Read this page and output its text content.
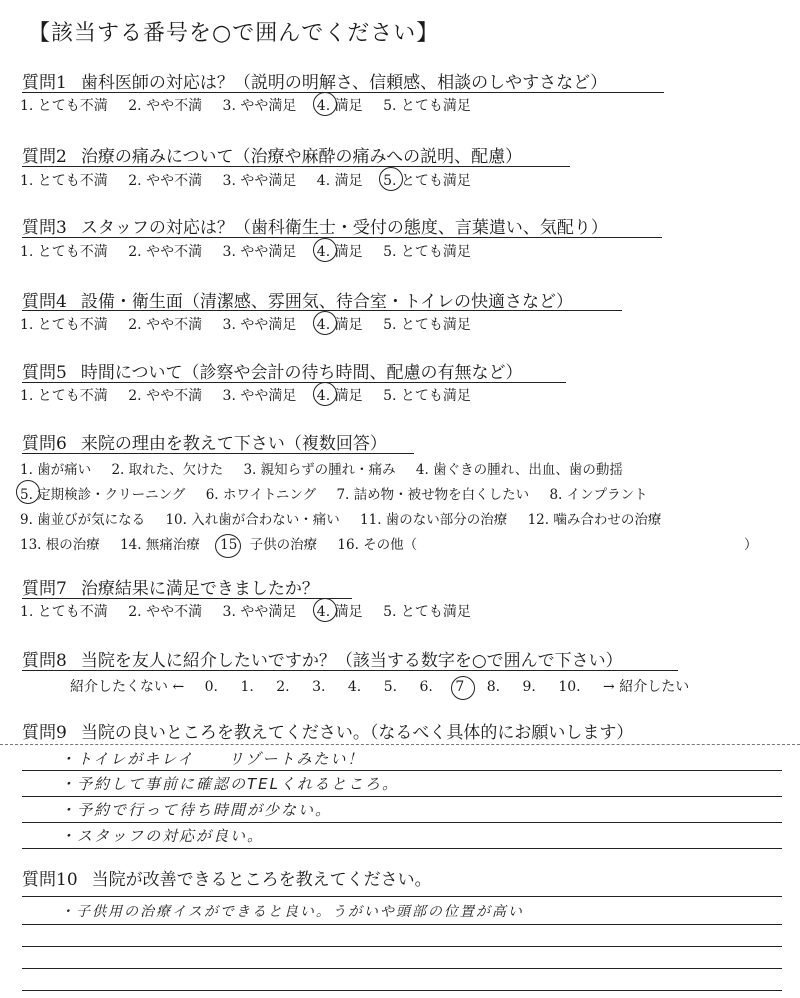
【該当する番号を○で囲んでください】
質問1 歯科医師の対応は？（説明の明解さ、信頼感、相談のしやすさなど）
1. とても不満 2. やや不満 3. やや満足 4. 満足 5. とても満足
質問2 治療の痛みについて（治療や麻酔の痛みへの説明、配慮）
1. とても不満 2. やや不満 3. やや満足 4. 満足 5. とても満足
質問3 スタッフの対応は？（歯科衛生士・受付の態度、言葉遣い、気配り）
1. とても不満 2. やや不満 3. やや満足 4. 満足 5. とても満足
質問4 設備・衛生面（清潔感、雰囲気、待合室・トイレの快適さなど）
1. とても不満 2. やや不満 3. やや満足 4. 満足 5. とても満足
質問5 時間について（診察や会計の待ち時間、配慮の有無など）
1. とても不満 2. やや不満 3. やや満足 4. 満足 5. とても満足
質問6 来院の理由を教えて下さい（複数回答）
1. 歯が痛い 2. 取れた、欠けた 3. 親知らずの腫れ・痛み 4. 歯ぐきの腫れ、出血、歯の動揺
5. 定期検診・クリーニング 6. ホワイトニング 7. 詰め物・被せ物を白くしたい 8. インプラント
9. 歯並びが気になる 10. 入れ歯が合わない・痛い 11. 歯のない部分の治療 12. 噛み合わせの治療
13. 根の治療 14. 無痛治療 15 子供の治療 16. その他（	）
質問7 治療結果に満足できましたか？
1. とても不満 2. やや不満 3. やや満足 4. 満足 5. とても満足
質問8 当院を友人に紹介したいですか？（該当する数字を○で囲んで下さい）
紹介したくない ← 0. 1. 2. 3. 4. 5. 6. 7 8. 9. 10. → 紹介したい
質問9 当院の良いところを教えてください。（なるべく具体的にお願いします）
・トイレがキレイ　　リゾートみたい！
・予約して事前に確認のTELくれるところ。
・予約で行って待ち時間が少ない。
・スタッフの対応が良い。
質問10 当院が改善できるところを教えてください。
・子供用の治療イスができると良い。うがいや頭部の位置が高い
